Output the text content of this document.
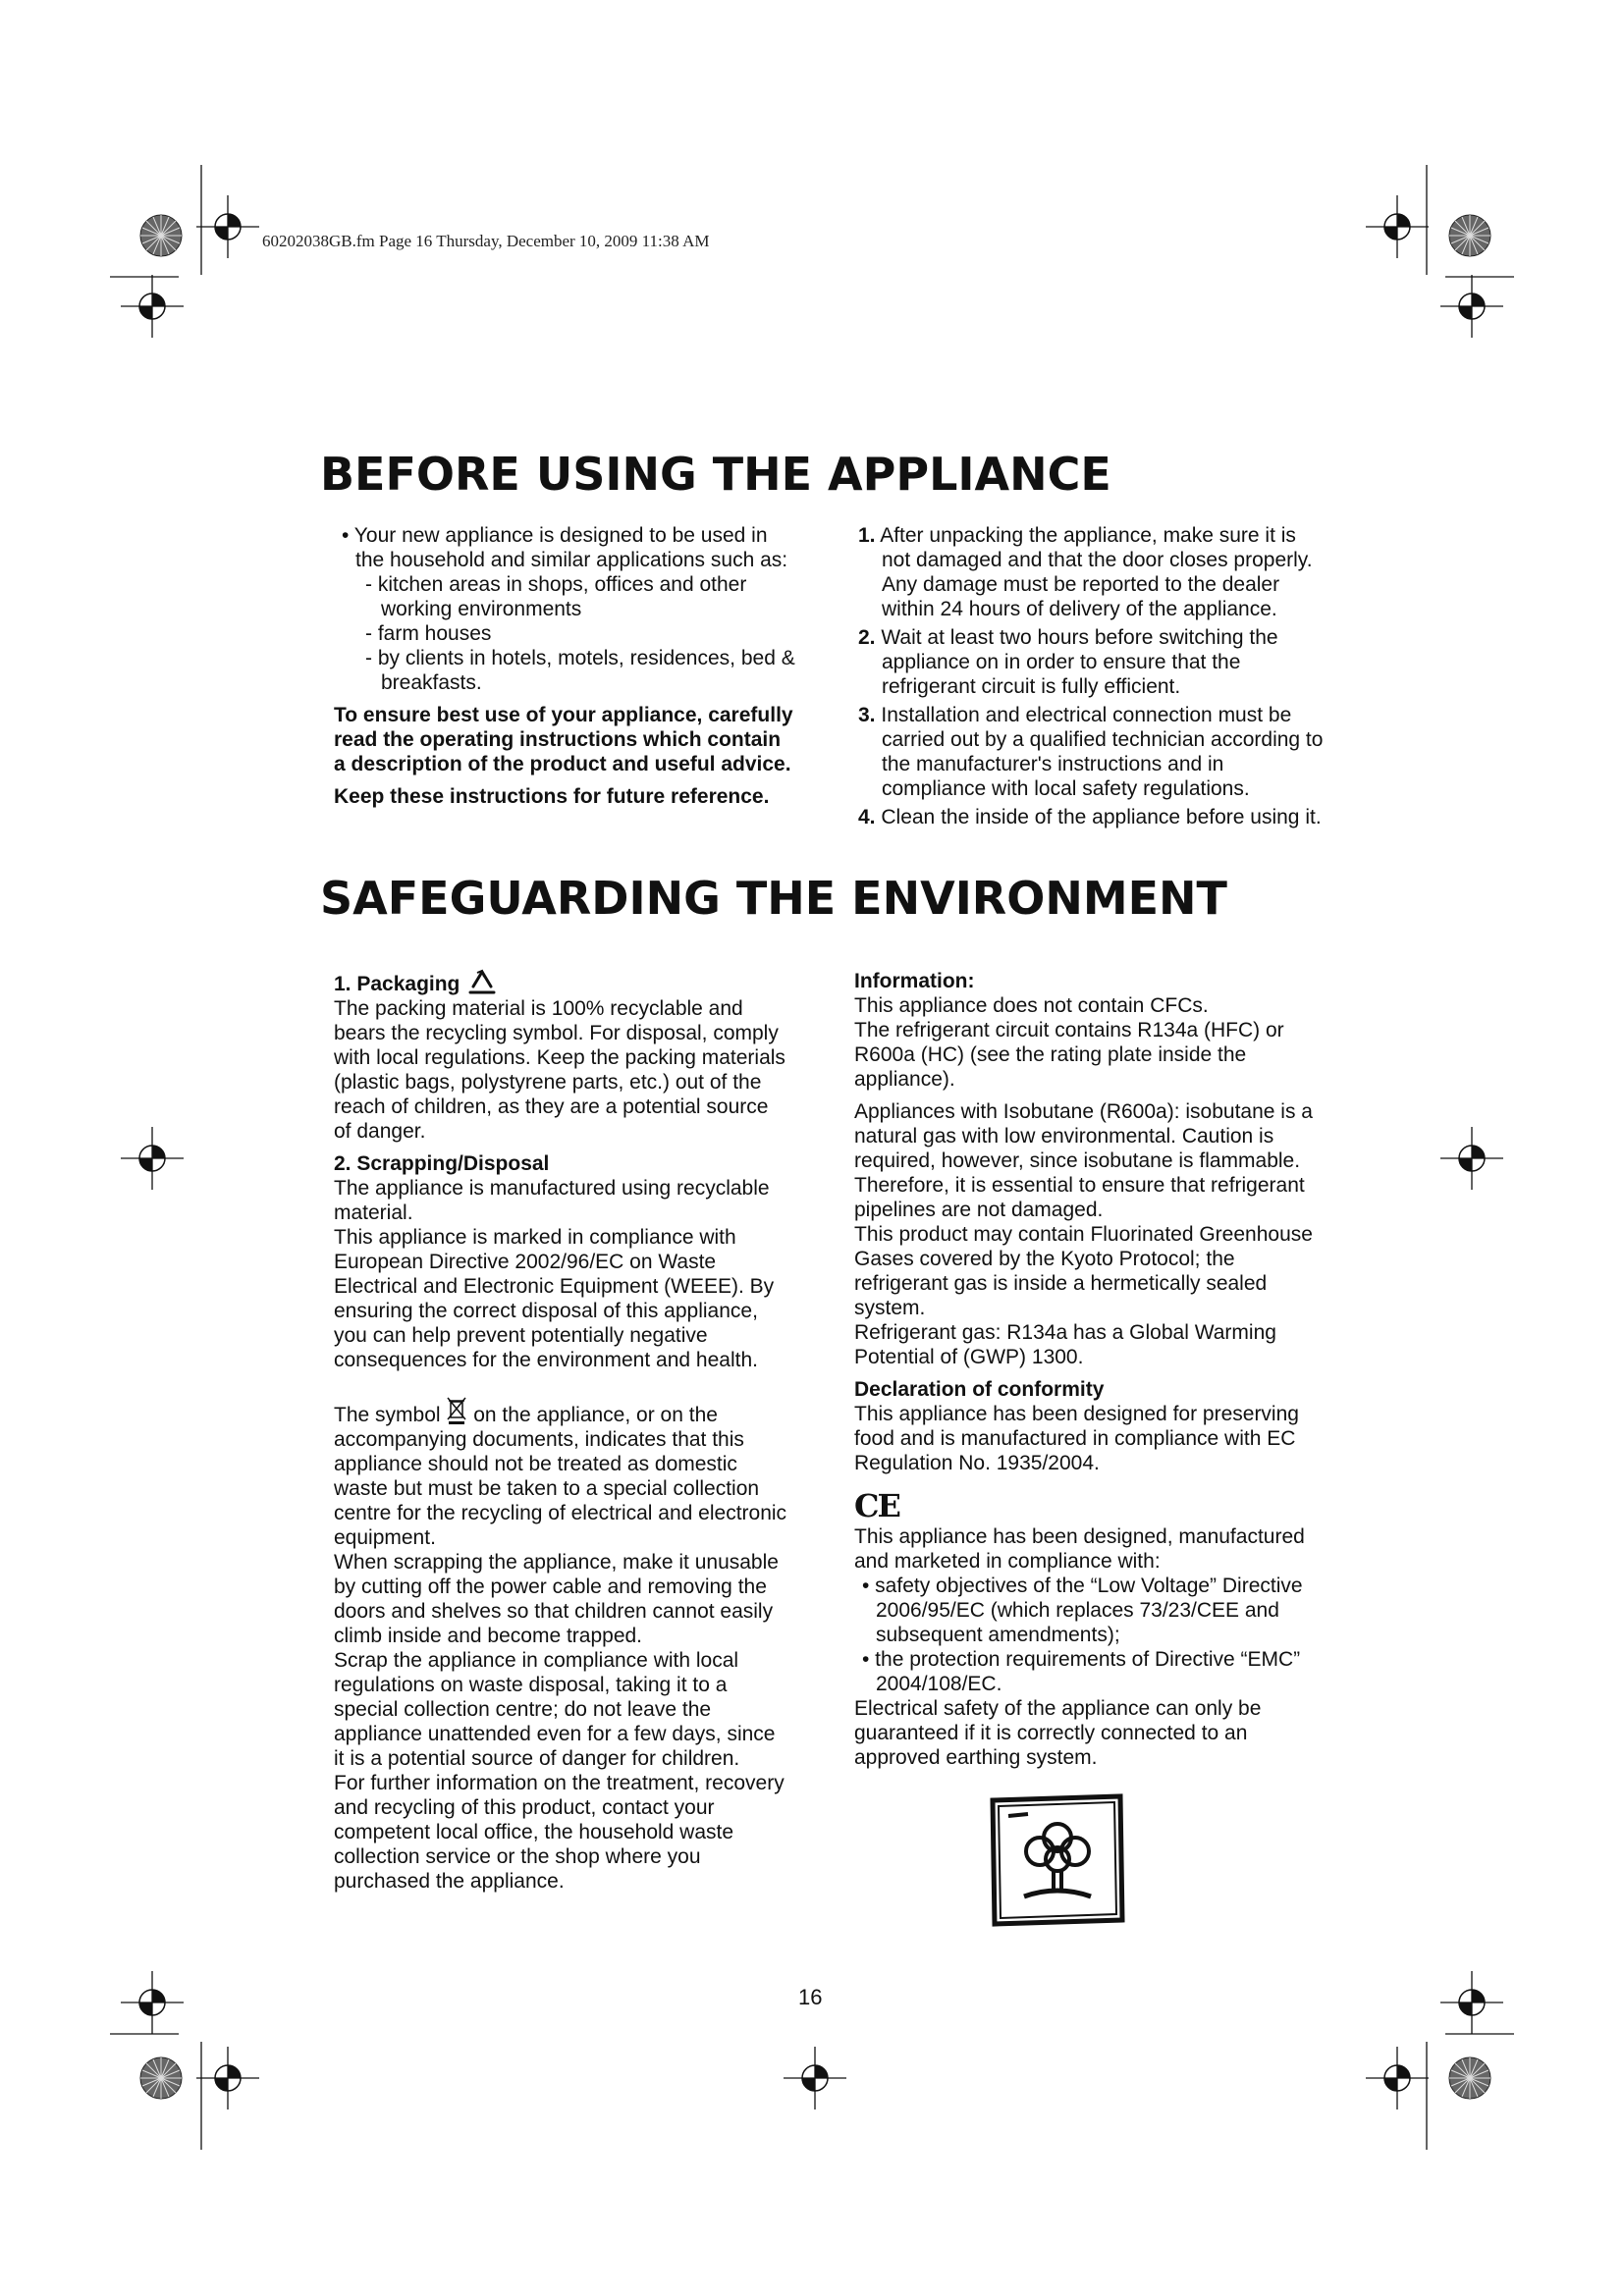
60202038GB.fm Page 16 Thursday, December 10, 2009 11:38 AM
BEFORE USING THE APPLIANCE

• Your new appliance is designed to be used in the household and similar applications such as:

- kitchen areas in shops, offices and other working environments

- farm houses

- by clients in hotels, motels, residences, bed & breakfasts.

To ensure best use of your appliance, carefully read the operating instructions which contain a description of the product and useful advice.

Keep these instructions for future reference.

1. After unpacking the appliance, make sure it is not damaged and that the door closes properly. Any damage must be reported to the dealer within 24 hours of delivery of the appliance.

2. Wait at least two hours before switching the appliance on in order to ensure that the refrigerant circuit is fully efficient.

3. Installation and electrical connection must be carried out by a qualified technician according to the manufacturer's instructions and in compliance with local safety regulations.

4. Clean the inside of the appliance before using it.

SAFEGUARDING THE ENVIRONMENT

1. Packaging

The packing material is 100% recyclable and bears the recycling symbol. For disposal, comply with local regulations. Keep the packing materials (plastic bags, polystyrene parts, etc.) out of the reach of children, as they are a potential source of danger.

2. Scrapping/Disposal

The appliance is manufactured using recyclable material.

This appliance is marked in compliance with European Directive 2002/96/EC on Waste Electrical and Electronic Equipment (WEEE). By ensuring the correct disposal of this appliance, you can help prevent potentially negative consequences for the environment and health.

The symbol on the appliance, or on the accompanying documents, indicates that this appliance should not be treated as domestic waste but must be taken to a special collection centre for the recycling of electrical and electronic equipment.

When scrapping the appliance, make it unusable by cutting off the power cable and removing the doors and shelves so that children cannot easily climb inside and become trapped.

Scrap the appliance in compliance with local regulations on waste disposal, taking it to a special collection centre; do not leave the appliance unattended even for a few days, since it is a potential source of danger for children.

For further information on the treatment, recovery and recycling of this product, contact your competent local office, the household waste collection service or the shop where you purchased the appliance.

Information:

This appliance does not contain CFCs.

The refrigerant circuit contains R134a (HFC) or R600a (HC) (see the rating plate inside the appliance).

Appliances with Isobutane (R600a): isobutane is a natural gas with low environmental. Caution is required, however, since isobutane is flammable. Therefore, it is essential to ensure that refrigerant pipelines are not damaged.

This product may contain Fluorinated Greenhouse Gases covered by the Kyoto Protocol; the refrigerant gas is inside a hermetically sealed system.

Refrigerant gas: R134a has a Global Warming Potential of (GWP) 1300.

Declaration of conformity

This appliance has been designed for preserving food and is manufactured in compliance with EC Regulation No. 1935/2004.

CE

This appliance has been designed, manufactured and marketed in compliance with:

• safety objectives of the “Low Voltage” Directive 2006/95/EC (which replaces 73/23/CEE and subsequent amendments);

• the protection requirements of Directive “EMC” 2004/108/EC.

Electrical safety of the appliance can only be guaranteed if it is correctly connected to an approved earthing system.

16
